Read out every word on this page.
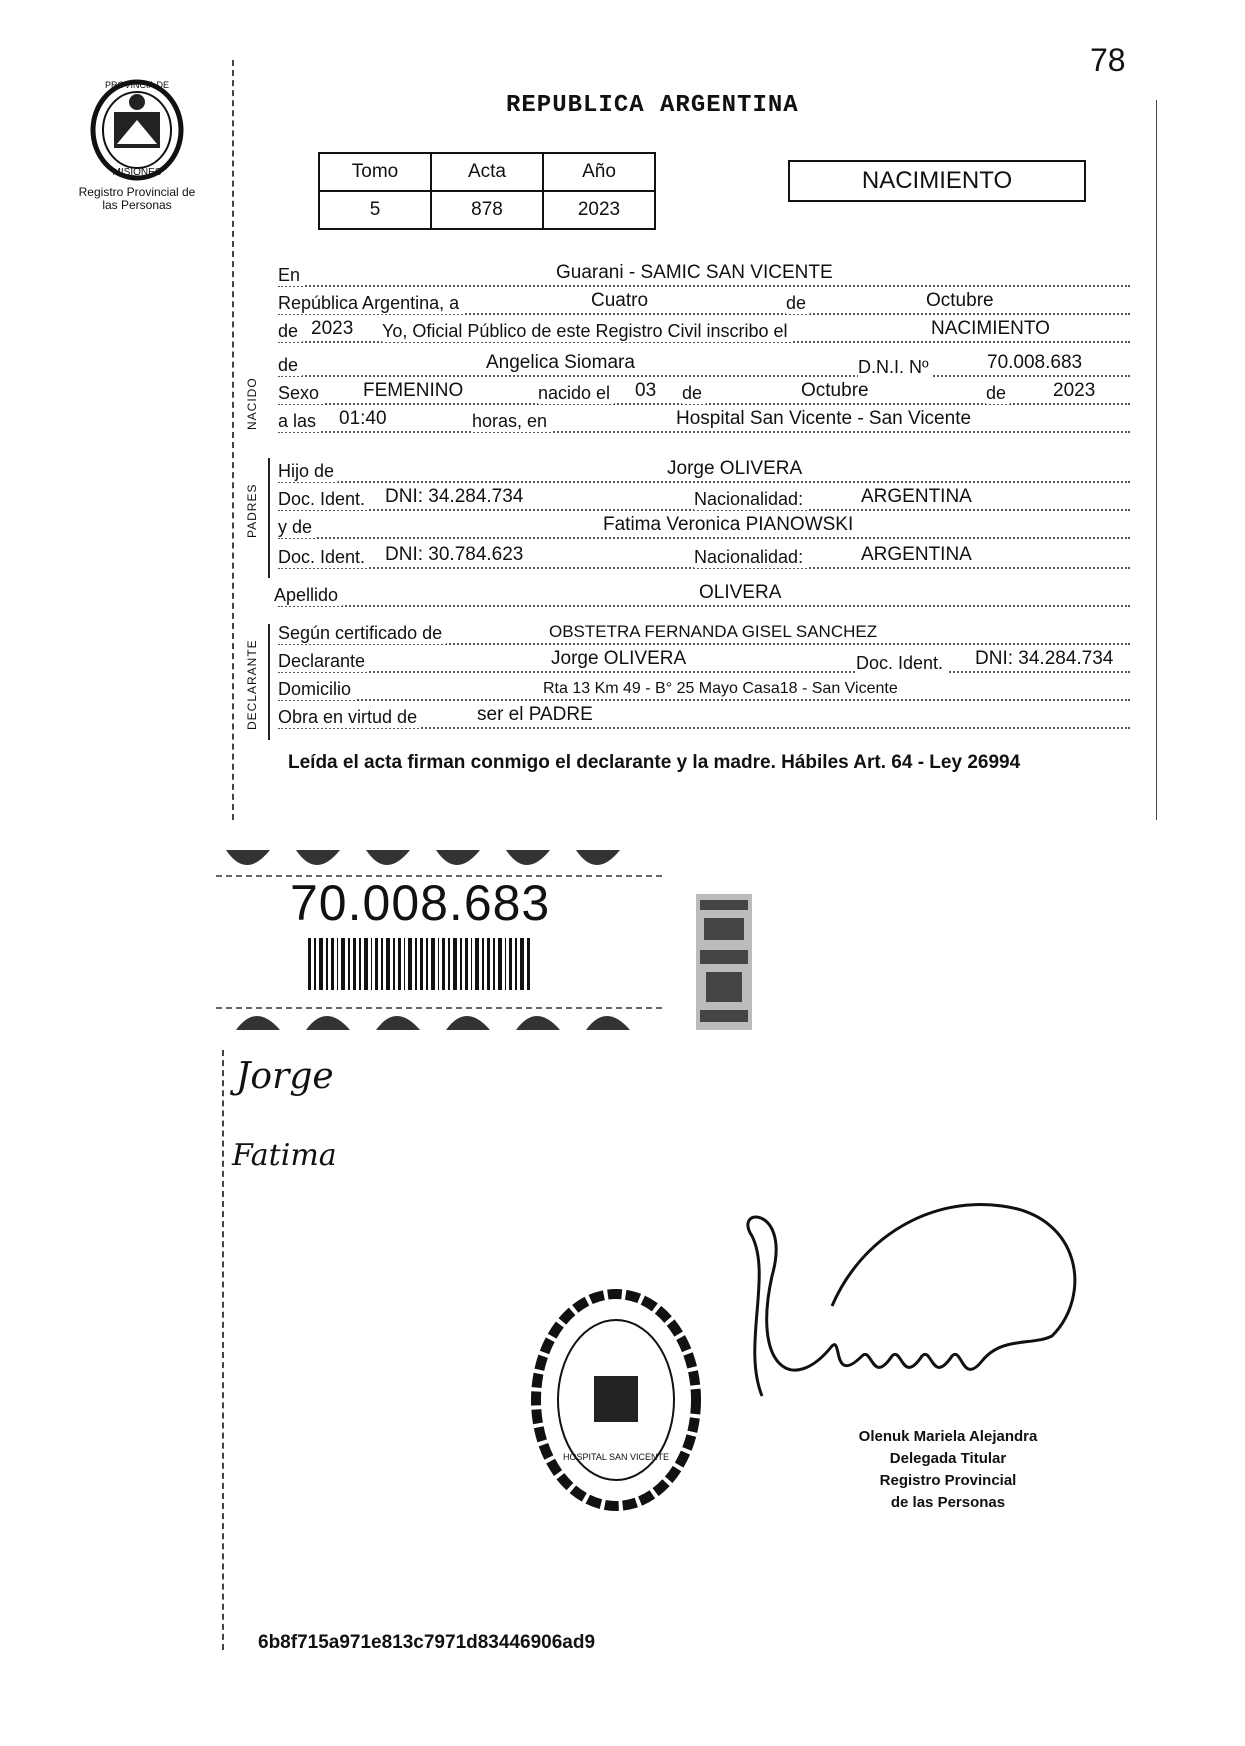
78
PROVINCIA DE
MISIONES
Registro Provincial de las Personas
REPUBLICA ARGENTINA
Tomo	Acta	Año
5	878	2023
NACIMIENTO
En	Guarani - SAMIC SAN VICENTE
República Argentina, a	Cuatro	de	Octubre
de 2023 Yo, Oficial Público de este Registro Civil inscribo el	NACIMIENTO
NACIDO
de	Angelica Siomara	D.N.I. Nº	70.008.683
Sexo FEMENINO	nacido el 03 de	Octubre	de 2023
a las 01:40	horas, en	Hospital San Vicente - San Vicente
PADRES
Hijo de	Jorge OLIVERA
Doc. Ident. DNI: 34.284.734	Nacionalidad:	ARGENTINA
y de	Fatima Veronica PIANOWSKI
Doc. Ident. DNI: 30.784.623	Nacionalidad:	ARGENTINA
Apellido	OLIVERA
DECLARANTE
Según certificado de	OBSTETRA FERNANDA GISEL SANCHEZ
Declarante	Jorge OLIVERA	Doc. Ident. DNI: 34.284.734
Domicilio	Rta 13 Km 49 - B° 25 Mayo Casa18 - San Vicente
Obra en virtud de	ser el PADRE
Leída el acta firman conmigo el declarante y la madre. Hábiles Art. 64 - Ley 26994
70.008.683
Jorge
Fatima
HOSPITAL SAN VICENTE
Olenuk Mariela Alejandra
Delegada Titular
Registro Provincial
de las Personas
6b8f715a971e813c7971d83446906ad9
